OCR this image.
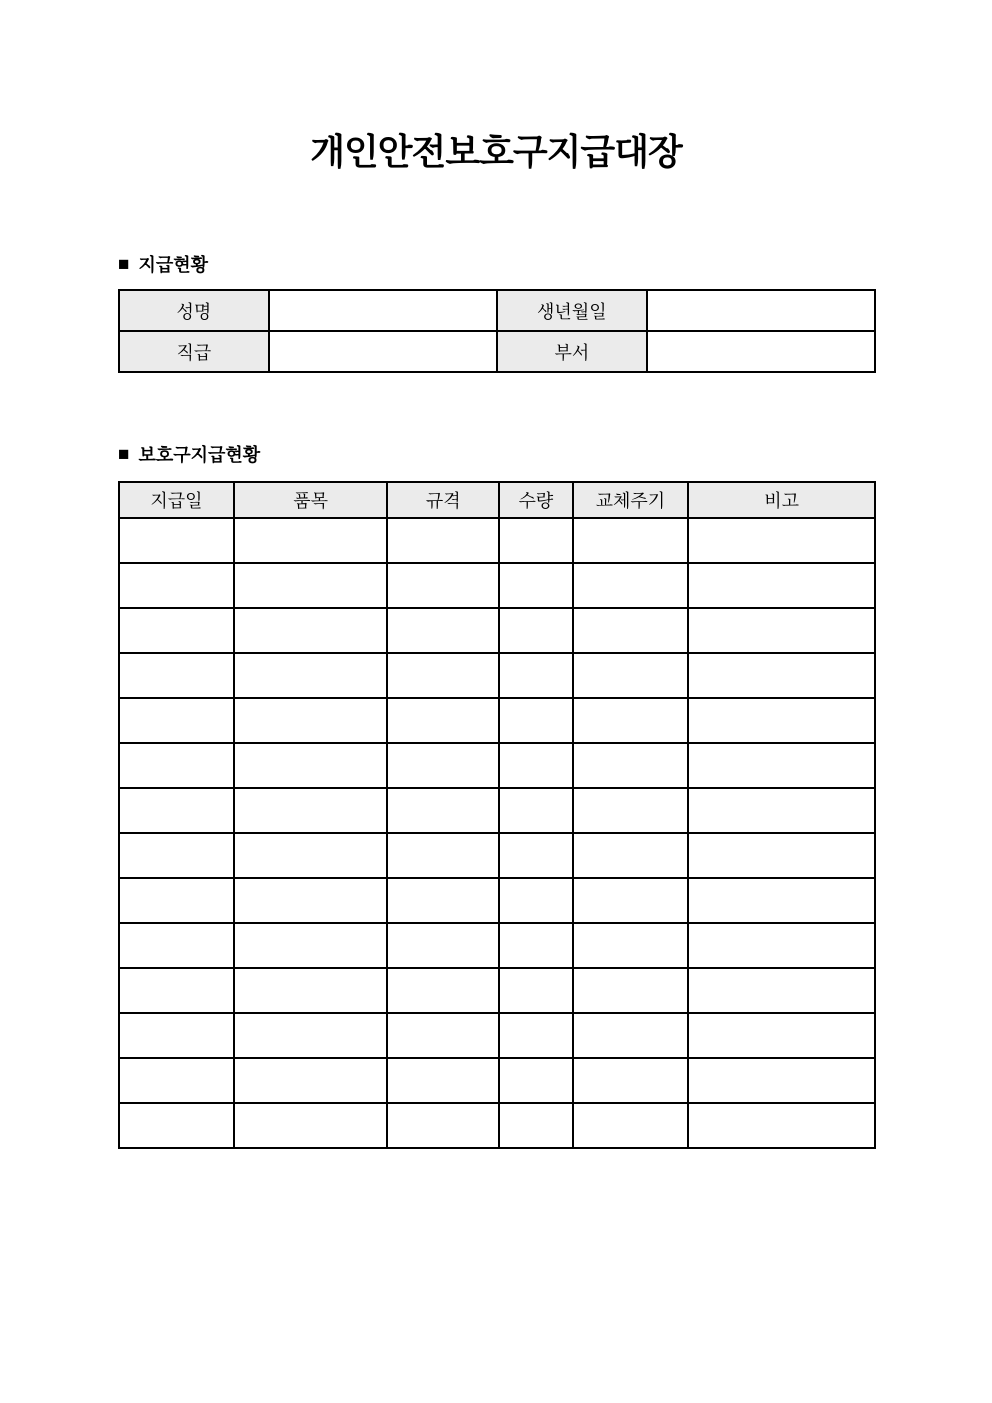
개인안전보호구지급대장
■ 지급현황
성명		생년월일	
직급		부서	
■ 보호구지급현황
지급일	품목	규격	수량	교체주기	비고
